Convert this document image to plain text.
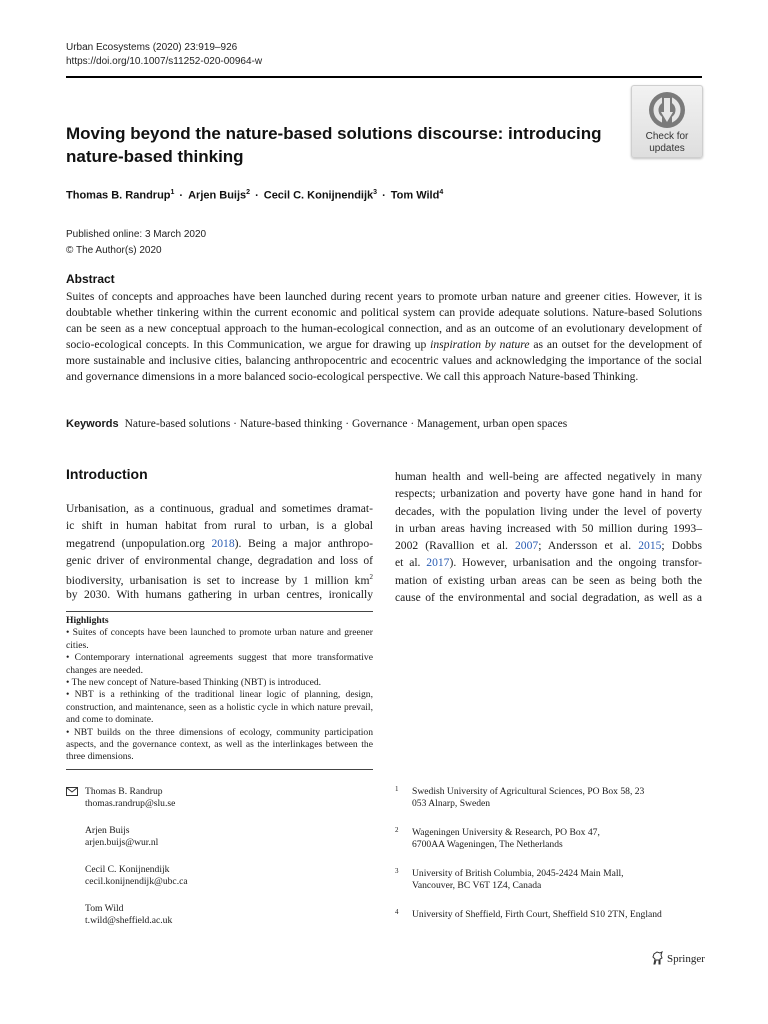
Urban Ecosystems (2020) 23:919–926
https://doi.org/10.1007/s11252-020-00964-w
Check for
updates
Moving beyond the nature-based solutions discourse: introducing nature-based thinking
Thomas B. Randrup$^1$ · Arjen Buijs$^2$ · Cecil C. Konijnendijk$^3$ · Tom Wild$^4$
Published online: 3 March 2020
© The Author(s) 2020
Abstract
Suites of concepts and approaches have been launched during recent years to promote urban nature and greener cities. However, it is doubtable whether tinkering within the current economic and political system can provide adequate solutions. Nature-based Solutions can be seen as a new conceptual approach to the human-ecological connection, and as an outcome of an evolutionary development of socio-ecological concepts. In this Communication, we argue for drawing up inspiration by nature as an outset for the development of more sustainable and inclusive cities, balancing anthropocentric and ecocentric values and acknowledging the importance of the social and governance dimensions in a more balanced socio-ecological perspective. We call this approach Nature-based Thinking.
Keywords Nature-based solutions · Nature-based thinking · Governance · Management, urban open spaces
Introduction
Urbanisation, as a continuous, gradual and sometimes dramat-
ic shift in human habitat from rural to urban, is a global
megatrend (unpopulation.org 2018). Being a major anthropo-
genic driver of environmental change, degradation and loss of
biodiversity, urbanisation is set to increase by 1 million $km^2$
by 2030. With humans gathering in urban centres, ironically
human health and well-being are affected negatively in many
respects; urbanization and poverty have gone hand in hand for
decades, with the population living under the level of poverty
in urban areas having increased with 50 million during 1993–
2002 (Ravallion et al. 2007; Andersson et al. 2015; Dobbs
et al. 2017). However, urbanisation and the ongoing transfor-
mation of existing urban areas can be seen as being both the
cause of the environmental and social degradation, as well as a
Highlights
• Suites of concepts have been launched to promote urban nature and greener cities.
• Contemporary international agreements suggest that more transformative changes are needed.
• The new concept of Nature-based Thinking (NBT) is introduced.
• NBT is a rethinking of the traditional linear logic of planning, design, construction, and maintenance, seen as a holistic cycle in which nature prevail, and come to dominate.
• NBT builds on the three dimensions of ecology, community participation aspects, and the governance context, as well as the interlinkages between the three dimensions.
Thomas B. Randrup
thomas.randrup@slu.se
Arjen Buijs
arjen.buijs@wur.nl
Cecil C. Konijnendijk
cecil.konijnendijk@ubc.ca
Tom Wild
t.wild@sheffield.ac.uk
1 Swedish University of Agricultural Sciences, PO Box 58, 23
053 Alnarp, Sweden
2 Wageningen University & Research, PO Box 47,
6700AA Wageningen, The Netherlands
3 University of British Columbia, 2045-2424 Main Mall,
Vancouver, BC V6T 1Z4, Canada
4 University of Sheffield, Firth Court, Sheffield S10 2TN, England
Springer
